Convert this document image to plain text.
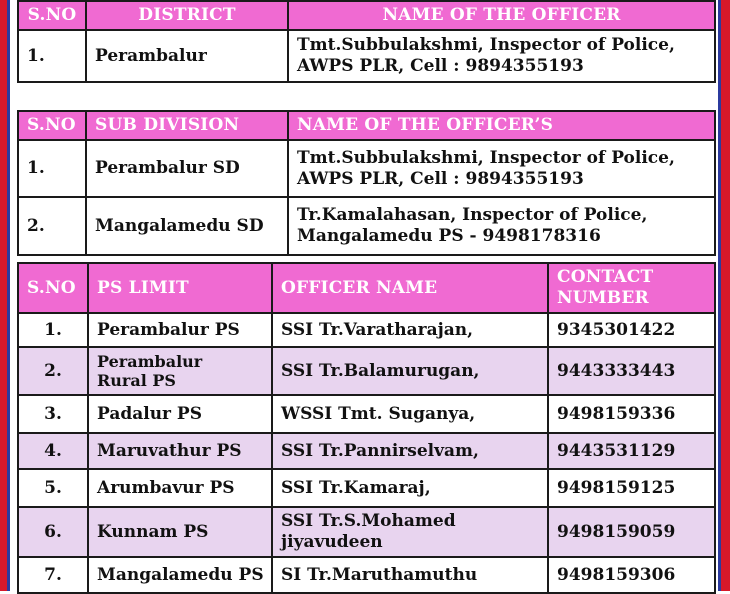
S.NO	DISTRICT	NAME OF THE OFFICER
1.	Perambalur	Tmt.Subbulakshmi, Inspector of Police,
AWPS PLR, Cell : 9894355193
S.NO	SUB DIVISION	NAME OF THE OFFICER’S
1.	Perambalur SD	Tmt.Subbulakshmi, Inspector of Police,
AWPS PLR, Cell : 9894355193

2.	Mangalamedu SD	Tr.Kamalahasan, Inspector of Police,
Mangalamedu PS - 9498178316
S.NO	PS LIMIT	OFFICER NAME	CONTACT
NUMBER

1.	Perambalur PS	SSI Tr.Varatharajan,	9345301422
2.	Perambalur
Rural PS	SSI Tr.Balamurugan,	9443333443
3.	Padalur PS	WSSI Tmt. Suganya,	9498159336
4.	Maruvathur PS	SSI Tr.Pannirselvam,	9443531129
5.	Arumbavur PS	SSI Tr.Kamaraj,	9498159125
6.	Kunnam PS	SSI Tr.S.Mohamed
jiyavudeen	9498159059
7.	Mangalamedu PS	SI Tr.Maruthamuthu	9498159306
